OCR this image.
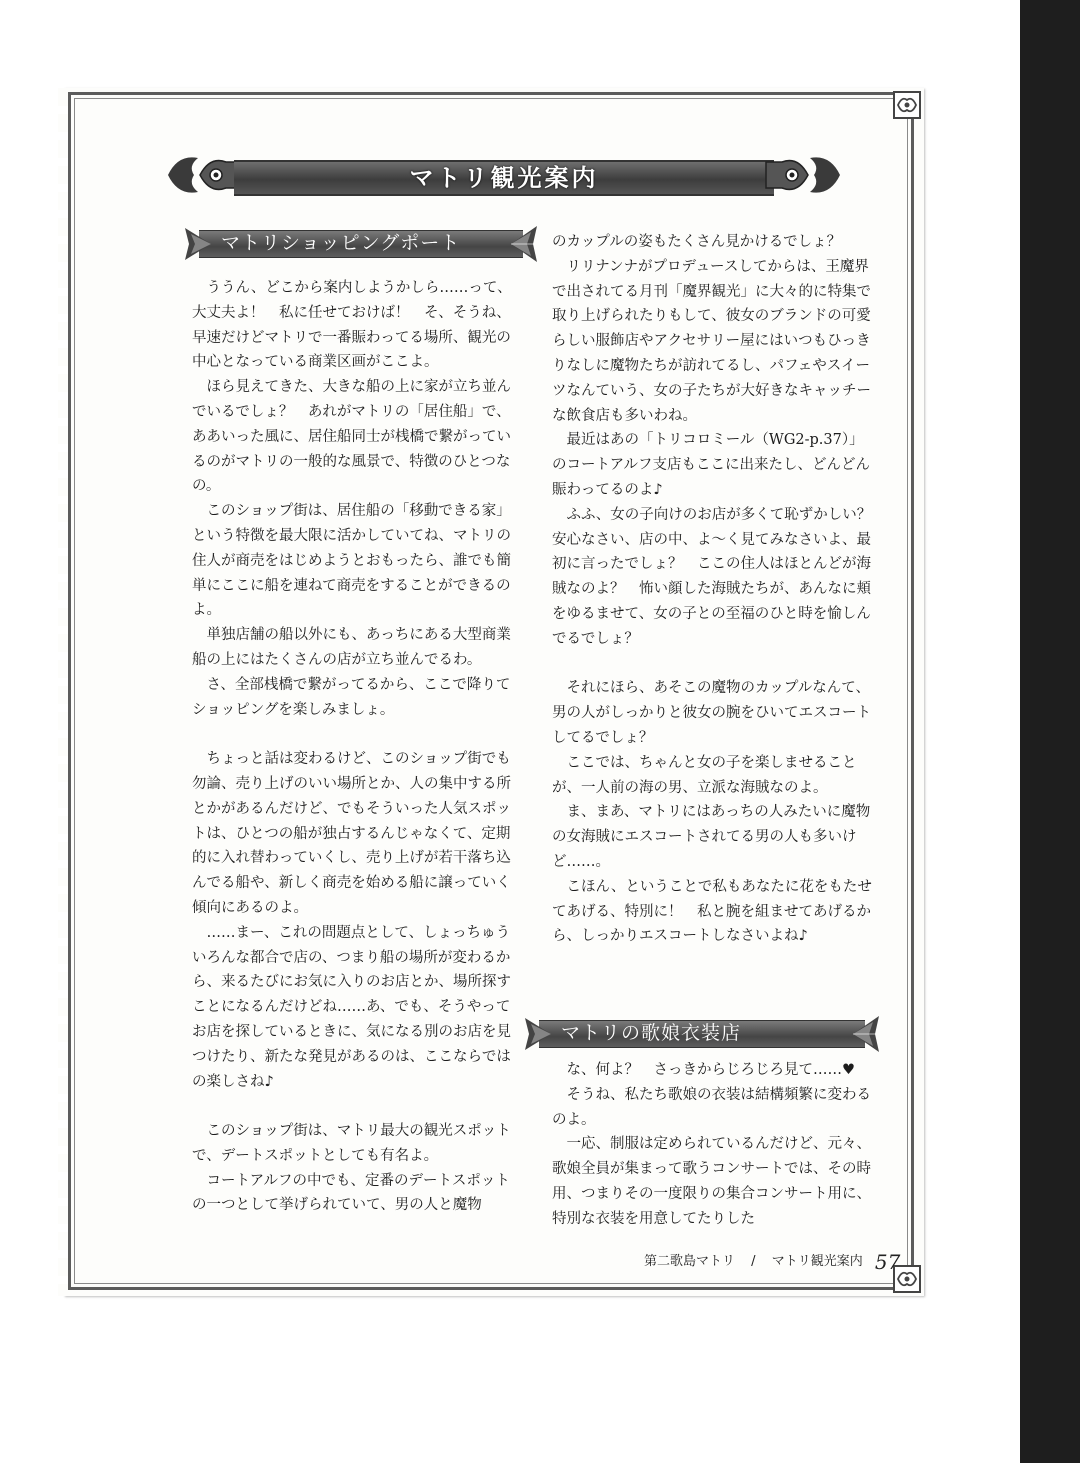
マトリ観光案内
マトリショッピングポート

ううん、どこから案内しようかしら……って、大丈夫よ！　私に任せておけば！　そ、そうね、早速だけどマトリで一番賑わってる場所、観光の中心となっている商業区画がここよ。

ほら見えてきた、大きな船の上に家が立ち並んでいるでしょ？　あれがマトリの「居住船」で、ああいった風に、居住船同士が桟橋で繋がっているのがマトリの一般的な風景で、特徴のひとつなの。

このショップ街は、居住船の「移動できる家」という特徴を最大限に活かしていてね、マトリの住人が商売をはじめようとおもったら、誰でも簡単にここに船を連ねて商売をすることができるのよ。

単独店舗の船以外にも、あっちにある大型商業船の上にはたくさんの店が立ち並んでるわ。

さ、全部桟橋で繋がってるから、ここで降りてショッピングを楽しみましょ。

ちょっと話は変わるけど、このショップ街でも勿論、売り上げのいい場所とか、人の集中する所とかがあるんだけど、でもそういった人気スポットは、ひとつの船が独占するんじゃなくて、定期的に入れ替わっていくし、売り上げが若干落ち込んでる船や、新しく商売を始める船に譲っていく傾向にあるのよ。

……まー、これの問題点として、しょっちゅういろんな都合で店の、つまり船の場所が変わるから、来るたびにお気に入りのお店とか、場所探すことになるんだけどね……あ、でも、そうやってお店を探しているときに、気になる別のお店を見つけたり、新たな発見があるのは、ここならではの楽しさね♪

このショップ街は、マトリ最大の観光スポットで、デートスポットとしても有名よ。

コートアルフの中でも、定番のデートスポットの一つとして挙げられていて、男の人と魔物

のカップルの姿もたくさん見かけるでしょ？

リリナンナがプロデュースしてからは、王魔界で出されてる月刊「魔界観光」に大々的に特集で取り上げられたりもして、彼女のブランドの可愛らしい服飾店やアクセサリー屋にはいつもひっきりなしに魔物たちが訪れてるし、パフェやスイーツなんていう、女の子たちが大好きなキャッチーな飲食店も多いわね。

最近はあの「トリコロミール（WG2-p.37）」のコートアルフ支店もここに出来たし、どんどん賑わってるのよ♪

ふふ、女の子向けのお店が多くて恥ずかしい？　安心なさい、店の中、よ～く見てみなさいよ、最初に言ったでしょ？　ここの住人はほとんどが海賊なのよ？　怖い顔した海賊たちが、あんなに頬をゆるませて、女の子との至福のひと時を愉しんでるでしょ？

それにほら、あそこの魔物のカップルなんて、男の人がしっかりと彼女の腕をひいてエスコートしてるでしょ？

ここでは、ちゃんと女の子を楽しませることが、一人前の海の男、立派な海賊なのよ。

ま、まあ、マトリにはあっちの人みたいに魔物の女海賊にエスコートされてる男の人も多いけど……。

こほん、ということで私もあなたに花をもたせてあげる、特別に！　私と腕を組ませてあげるから、しっかりエスコートしなさいよね♪

マトリの歌娘衣装店

な、何よ？　さっきからじろじろ見て……♥

そうね、私たち歌娘の衣装は結構頻繁に変わるのよ。

一応、制服は定められているんだけど、元々、歌娘全員が集まって歌うコンサートでは、その時用、つまりその一度限りの集合コンサート用に、特別な衣装を用意してたりした

第二歌島マトリ / マトリ観光案内 57
